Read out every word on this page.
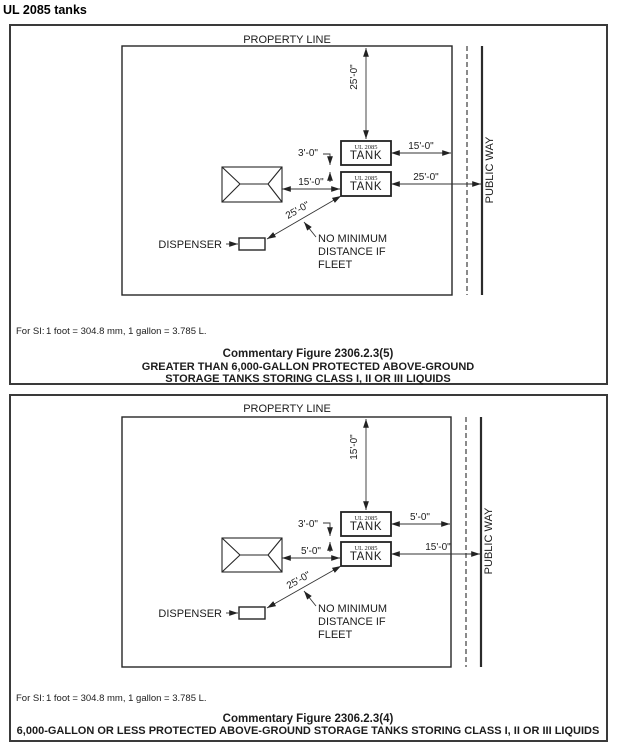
UL 2085 tanks
PROPERTY LINE
PUBLIC WAY
25'-0"
UL 2085
TANK
UL 2085
TANK
3'-0"
15'-0"
25'-0"
15'-0"
25'-0"
NO MINIMUM
DISTANCE IF
FLEET
DISPENSER
For SI: 1 foot = 304.8 mm, 1 gallon = 3.785 L.
Commentary Figure 2306.2.3(5)
GREATER THAN 6,000-GALLON PROTECTED ABOVE-GROUND
STORAGE TANKS STORING CLASS I, II OR III LIQUIDS
PROPERTY LINE
PUBLIC WAY
15'-0"
UL 2085
TANK
UL 2085
TANK
3'-0"
5'-0"
15'-0"
5'-0"
25'-0"
NO MINIMUM
DISTANCE IF
FLEET
DISPENSER
For SI: 1 foot = 304.8 mm, 1 gallon = 3.785 L.
Commentary Figure 2306.2.3(4)
6,000-GALLON OR LESS PROTECTED ABOVE-GROUND STORAGE TANKS STORING CLASS I, II OR III LIQUIDS
